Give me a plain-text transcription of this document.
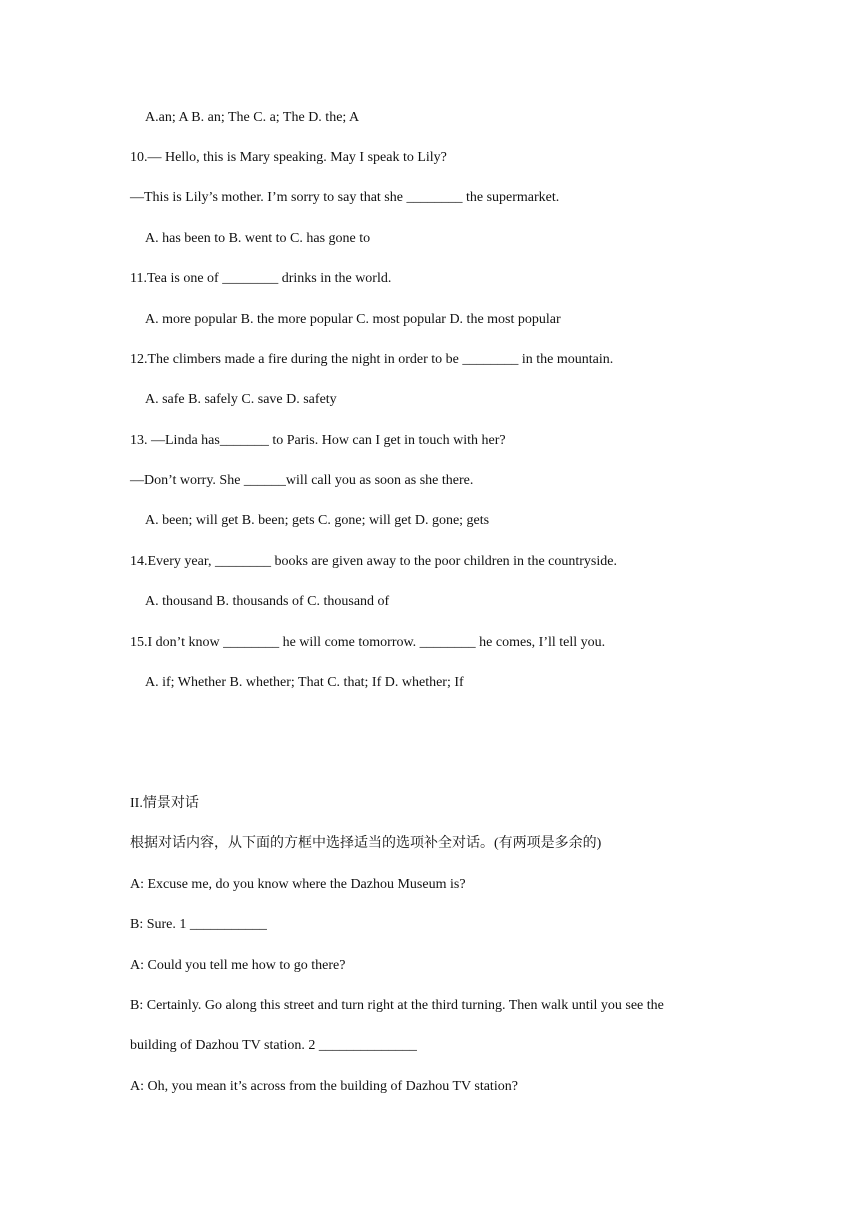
A.an; A B. an; The C. a; The D. the; A

10.— Hello, this is Mary speaking. May I speak to Lily?

—This is Lily’s mother. I’m sorry to say that she ________ the supermarket.

A. has been to B. went to C. has gone to

11.Tea is one of ________ drinks in the world.

A. more popular B. the more popular C. most popular D. the most popular

12.The climbers made a fire during the night in order to be ________ in the mountain.

A. safe B. safely C. save D. safety

13. —Linda has_______ to Paris. How can I get in touch with her?

—Don’t worry. She ______will call you as soon as she there.

A. been; will get B. been; gets C. gone; will get D. gone; gets

14.Every year, ________ books are given away to the poor children in the countryside.

A. thousand B. thousands of C. thousand of

15.I don’t know ________ he will come tomorrow. ________ he comes, I’ll tell you.

A. if; Whether B. whether; That C. that; If D. whether; If

II.情景对话

根据对话内容，从下面的方框中选择适当的选项补全对话。(有两项是多余的)

A: Excuse me, do you know where the Dazhou Museum is?

B: Sure. 1 ___________

A: Could you tell me how to go there?

B: Certainly. Go along this street and turn right at the third turning. Then walk until you see the

building of Dazhou TV station. 2 ______________

A: Oh, you mean it’s across from the building of Dazhou TV station?
